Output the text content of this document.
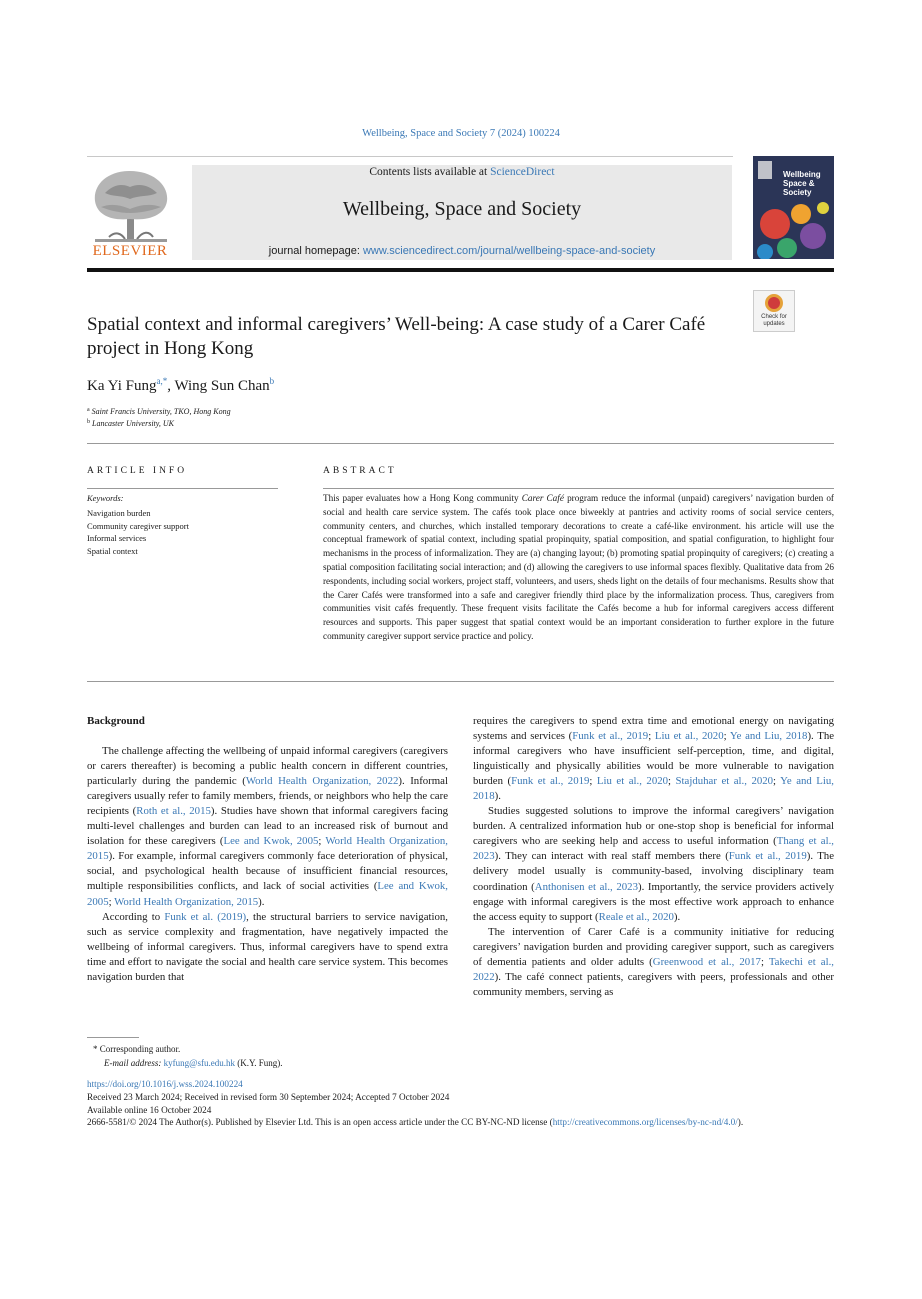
Wellbeing, Space and Society 7 (2024) 100224
ELSEVIER
Contents lists available at ScienceDirect
Wellbeing, Space and Society
journal homepage: www.sciencedirect.com/journal/wellbeing-space-and-society
Wellbeing
Space &
Society
Check for
updates
Spatial context and informal caregivers’ Well-being: A case study of a Carer Café project in Hong Kong
Ka Yi Fung$^{a,*}$, Wing Sun Chan$^b$
$^a$ Saint Francis University, TKO, Hong Kong
$^b$ Lancaster University, UK
ARTICLE INFO
Keywords:
Navigation burden
Community caregiver support
Informal services
Spatial context
ABSTRACT
This paper evaluates how a Hong Kong community Carer Café program reduce the informal (unpaid) caregivers’ navigation burden of social and health care service system. The cafés took place once biweekly at pantries and activity rooms of social service centers, community centers, and churches, which installed temporary decorations to create a café-like environment. his article will use the conceptual framework of spatial context, including spatial propinquity, spatial composition, and spatial configuration, to highlight four mechanisms in the process of informalization. They are (a) changing layout; (b) promoting spatial propinquity of caregivers; (c) creating a spatial composition facilitating social interaction; and (d) allowing the caregivers to use informal spaces flexibly. Qualitative data from 26 respondents, including social workers, project staff, volunteers, and users, sheds light on the details of four mechanisms. Results show that the Carer Cafés were transformed into a safe and caregiver friendly third place by the informalization process. Thus, caregivers from communities visit cafés frequently. These frequent visits facilitate the Cafés become a hub for informal caregivers access different resources and supports. This paper suggest that spatial context would be an important consideration to further explore in the future community caregiver support service practice and policy.
Background

The challenge affecting the wellbeing of unpaid informal caregivers (caregivers or carers thereafter) is becoming a public health concern in different countries, particularly during the pandemic (World Health Organization, 2022). Informal caregivers usually refer to family members, friends, or neighbors who help the care recipients (Roth et al., 2015). Studies have shown that informal caregivers facing multi-level challenges and burden can lead to an increased risk of burnout and isolation for these caregivers (Lee and Kwok, 2005; World Health Organization, 2015). For example, informal caregivers commonly face deterioration of physical, social, and psychological health because of insufficient financial resources, multiple responsibilities conflicts, and lack of social activities (Lee and Kwok, 2005; World Health Organization, 2015).

According to Funk et al. (2019), the structural barriers to service navigation, such as service complexity and fragmentation, have negatively impacted the wellbeing of informal caregivers. Thus, informal caregivers have to spend extra time and effort to navigate the social and health care service system. This becomes navigation burden that

requires the caregivers to spend extra time and emotional energy on navigating systems and services (Funk et al., 2019; Liu et al., 2020; Ye and Liu, 2018). The informal caregivers who have insufficient self-perception, time, and digital, linguistically and physically abilities would be more vulnerable to navigation burden (Funk et al., 2019; Liu et al., 2020; Stajduhar et al., 2020; Ye and Liu, 2018).

Studies suggested solutions to improve the informal caregivers’ navigation burden. A centralized information hub or one-stop shop is beneficial for informal caregivers who are seeking help and access to useful information (Thang et al., 2023). They can interact with real staff members there (Funk et al., 2019). The delivery model usually is community-based, involving disciplinary team coordination (Anthonisen et al., 2023). Importantly, the service providers actively engage with informal caregivers is the most effective work approach to enhance the access equity to support (Reale et al., 2020).

The intervention of Carer Café is a community initiative for reducing caregivers’ navigation burden and providing caregiver support, such as caregivers of dementia patients and older adults (Greenwood et al., 2017; Takechi et al., 2022). The café connect patients, caregivers with peers, professionals and other community members, serving as

* Corresponding author.
E-mail address: kyfung@sfu.edu.hk (K.Y. Fung).
https://doi.org/10.1016/j.wss.2024.100224
Received 23 March 2024; Received in revised form 30 September 2024; Accepted 7 October 2024
Available online 16 October 2024
2666-5581/© 2024 The Author(s). Published by Elsevier Ltd. This is an open access article under the CC BY-NC-ND license (http://creativecommons.org/licenses/by-nc-nd/4.0/).
